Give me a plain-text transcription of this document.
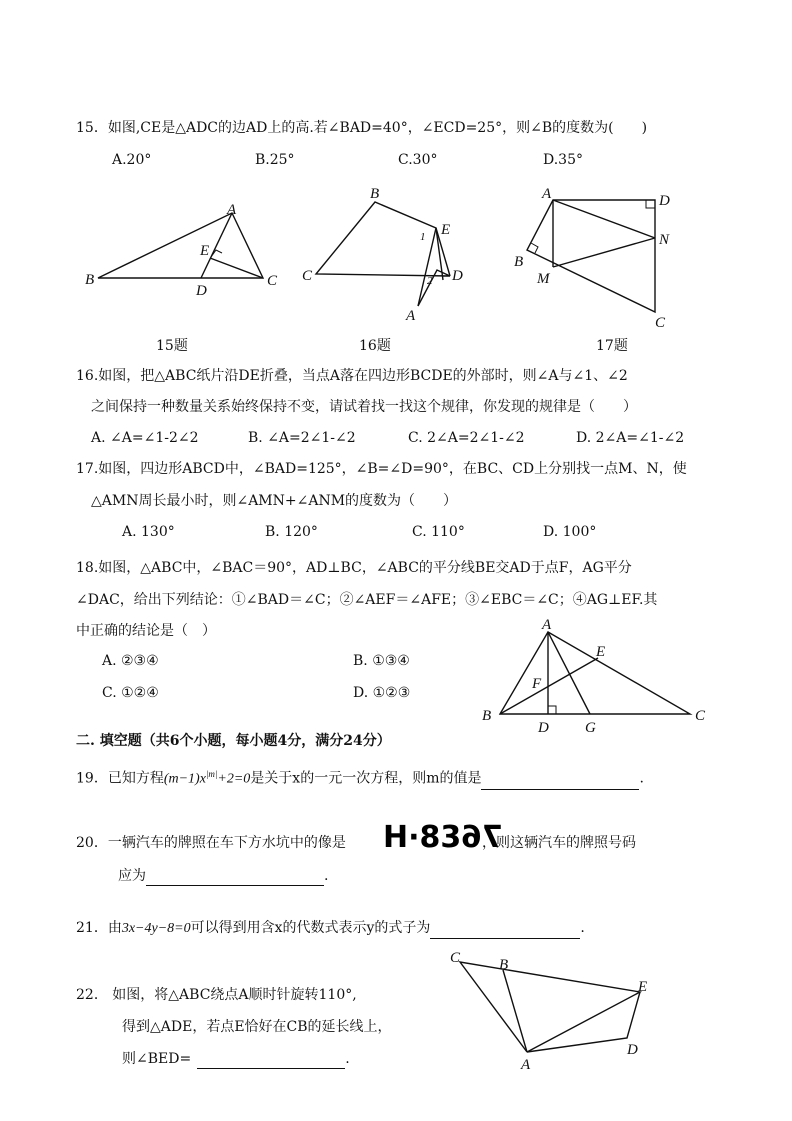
15．如图,CE是△ADC的边AD上的高.若∠BAD=40°，∠ECD=25°，则∠B的度数为(　　)
A.20°	B.25°	C.30°	D.35°
A
B	C
D
E
B
E
C	D
A
1
2
A	D
N
B
M
C
15题	16题	17题
16.如图，把△ABC纸片沿DE折叠，当点A落在四边形BCDE的外部时，则∠A与∠1、∠2
之间保持一种数量关系始终保持不变，请试着找一找这个规律，你发现的规律是（　　）
A. ∠A=∠1-2∠2	B. ∠A=2∠1-∠2	C. 2∠A=2∠1-∠2	D. 2∠A=∠1-∠2
17.如图，四边形ABCD中，∠BAD=125°，∠B=∠D=90°，在BC、CD上分别找一点M、N，使
△AMN周长最小时，则∠AMN+∠ANM的度数为（　　）
A. 130°	B. 120°	C. 110°	D. 100°
18.如图，△ABC中，∠BAC＝90°，AD⊥BC，∠ABC的平分线BE交AD于点F，AG平分
∠DAC，给出下列结论：①∠BAD＝∠C；②∠AEF＝∠AFE；③∠EBC＝∠C；④AG⊥EF.其
中正确的结论是（　）
A. ②③④	B. ①③④
C. ①②④	D. ①②③
A
E
F
B
D G
C
二. 填空题（共6个小题，每小题4分，满分24分）
19．已知方程$(m-1)x^{|m|}+2=0$是关于x的一元一次方程，则m的值是	.
20．一辆汽车的牌照在车下方水坑中的像是 H·8376
，则这辆汽车的牌照号码
应为	.
21．由3x−4y−8=0可以得到用含x的代数式表示y的式子为	.
22． 如图，将△ABC绕点A顺时针旋转110°,
得到△ADE，若点E恰好在CB的延长线上，
则∠BED=	.
C	B
E
D
A
